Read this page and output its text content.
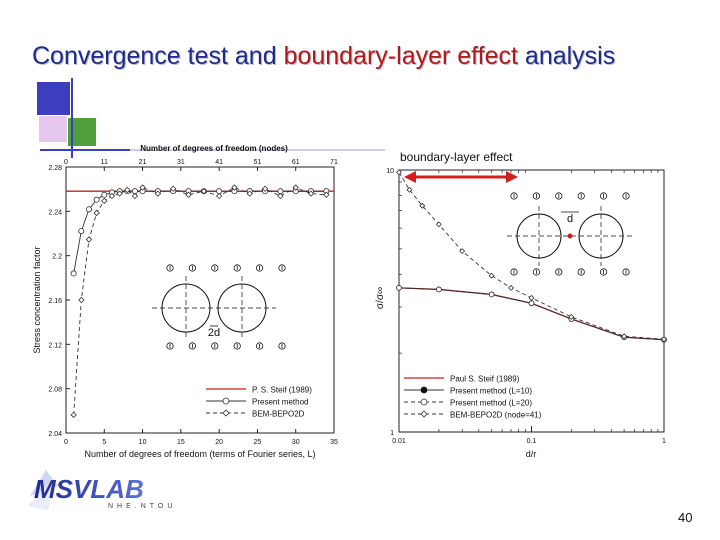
Convergence test and boundary-layer effect analysis
0	5	10	15	20	25	30	35
0	11	21	31	41	51	61	71
2.04
2.08
2.12
2.16
2.2
2.24
2.28
Number of degrees of freedom (nodes)
Number of degrees of freedom (terms of Fourier series, L)
Stress concentration factor	2d
P. S. Steif (1989)
Present method
BEM-BEPO2D
0.01	0.1	1
1
10
d/r
σ/σ∞
d
Paul S. Steif (1989)
Present method (L=10)
Present method (L=20)
BEM-BEPO2D (node=41)
boundary-layer effect
MSVLAB
NHE.NTOU
40
